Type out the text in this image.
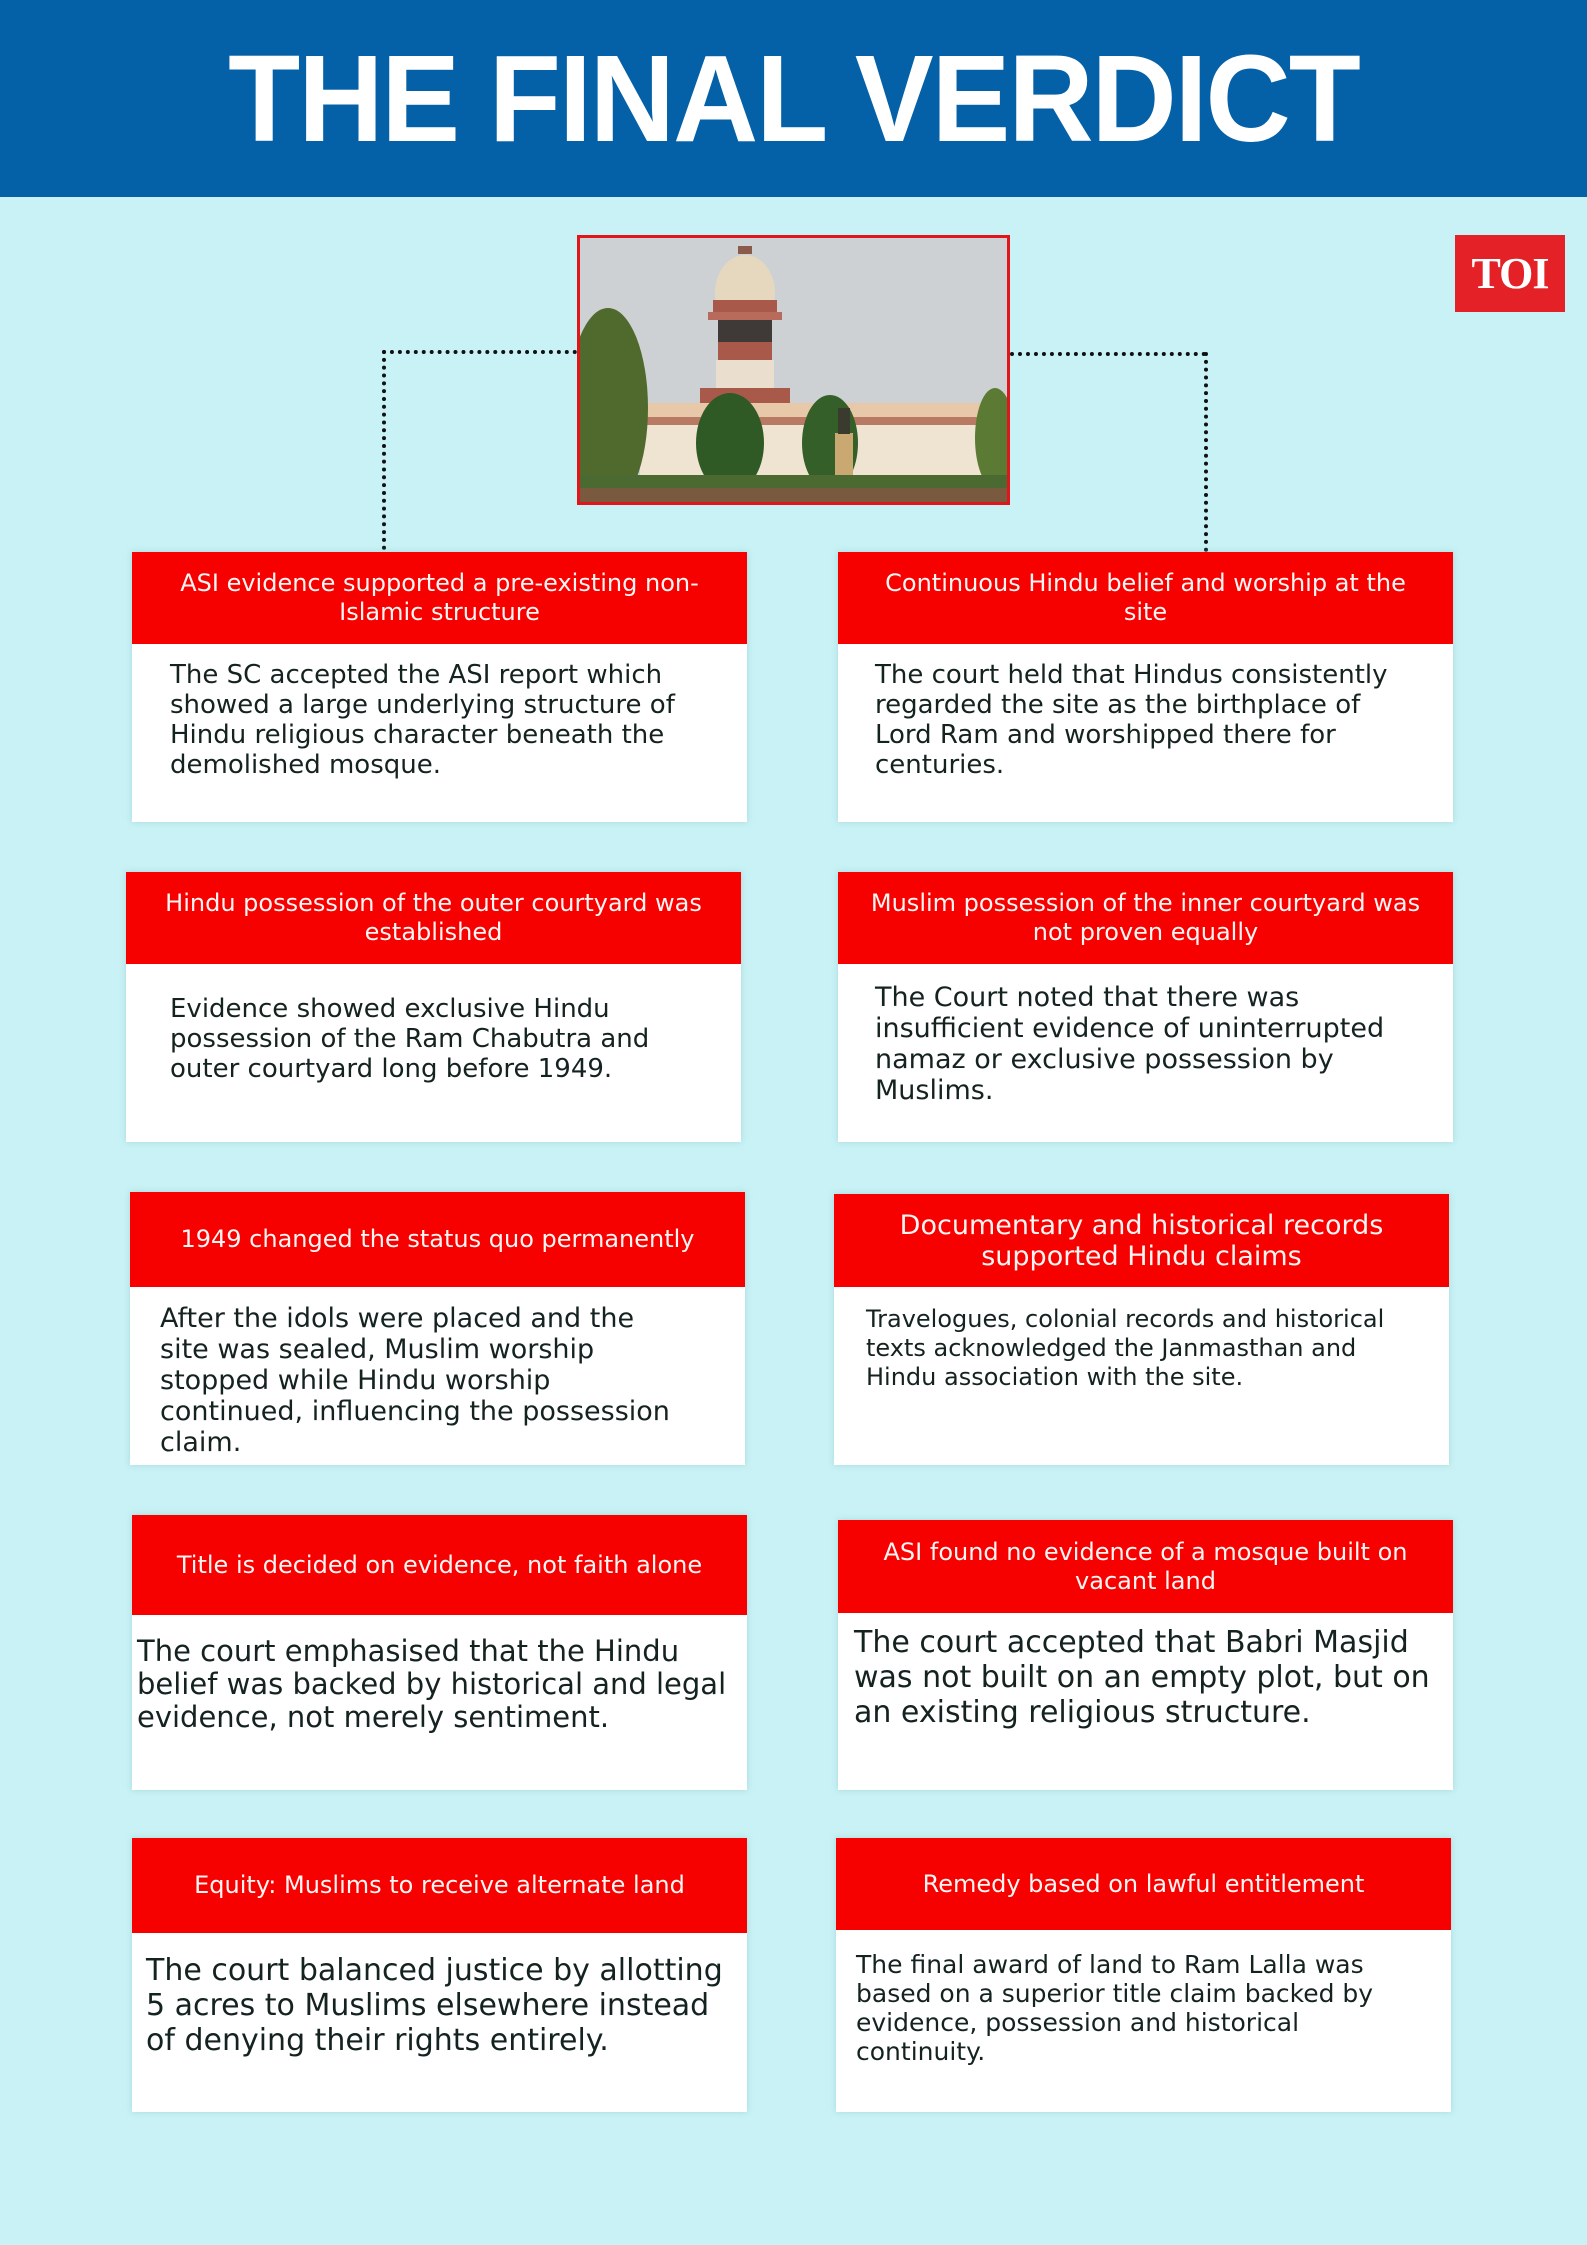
THE FINAL VERDICT
TOI
ASI evidence supported a pre-existing non-Islamic structure
The SC accepted the ASI report which showed a large underlying structure of Hindu religious character beneath the demolished mosque.
Continuous Hindu belief and worship at the site
The court held that Hindus consistently regarded the site as the birthplace of Lord Ram and worshipped there for centuries.
Hindu possession of the outer courtyard was established
Evidence showed exclusive Hindu possession of the Ram Chabutra and outer courtyard long before 1949.
Muslim possession of the inner courtyard was not proven equally
The Court noted that there was insufficient evidence of uninterrupted namaz or exclusive possession by Muslims.
1949 changed the status quo permanently
After the idols were placed and the site was sealed, Muslim worship stopped while Hindu worship continued, influencing the possession claim.
Documentary and historical records supported Hindu claims
Travelogues, colonial records and historical texts acknowledged the Janmasthan and Hindu association with the site.
Title is decided on evidence, not faith alone
The court emphasised that the Hindu belief was backed by historical and legal evidence, not merely sentiment.
ASI found no evidence of a mosque built on vacant land
The court accepted that Babri Masjid was not built on an empty plot, but on an existing religious structure.
Equity: Muslims to receive alternate land
The court balanced justice by allotting 5 acres to Muslims elsewhere instead of denying their rights entirely.
Remedy based on lawful entitlement
The final award of land to Ram Lalla was based on a superior title claim backed by evidence, possession and historical continuity.
